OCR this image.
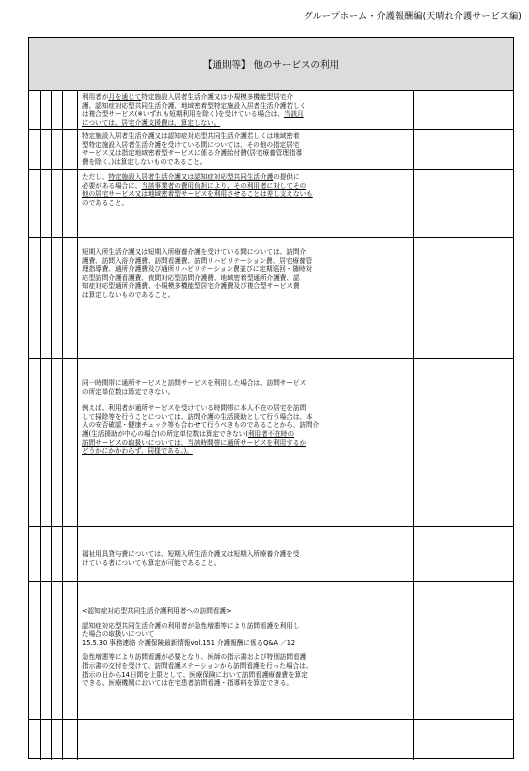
グループホーム・介護報酬編(天晴れ介護サービス編)
【通則等】 他のサービスの利用
利用者が月を通じて特定施設入居者生活介護又は小規模多機能型居宅介
護、認知症対応型共同生活介護、地域密着型特定施設入居者生活介護若しく
は複合型サービス(※いずれも短期利用を除く)を受けている場合は、当該月
については、居宅介護支援費は、算定しない。
特定施設入居者生活介護又は認知症対応型共同生活介護若しくは地域密着
型特定施設入居者生活介護を受けている間については、その他の指定居宅
サービス又は指定地域密着型サービスに係る介護給付費(居宅療養管理指導
費を除く。)は算定しないものであること。
ただし、特定施設入居者生活介護又は認知症対応型共同生活介護の提供に
必要がある場合に、当該事業者の費用負担により、その利用者に対してその
他の居宅サービス又は地域密着型サービスを利用させることは差し支えないも
のであること。
短期入所生活介護又は短期入所療養介護を受けている間については、訪問介
護費、訪問入浴介護費、訪問看護費、訪問リハビリテーション費、居宅療養管
理指導費、通所介護費及び通所リハビリテーション費並びに定期巡回・随時対
応型訪問介護看護費、夜間対応型訪問介護費、地域密着型通所介護費、認
知症対応型通所介護費、小規模多機能型居宅介護費及び複合型サービス費
は算定しないものであること。
同一時間帯に通所サービスと訪問サービスを利用した場合は、訪問サービス
の所定単位数は算定できない。
例えば、利用者が通所サービスを受けている時間帯に本人不在の居宅を訪問
して掃除等を行うことについては、訪問介護の生活援助として行う場合は、本
人の安否確認・健康チェック等も合わせて行うべきものであることから、訪問介
護(生活援助が中心の場合)の所定単位数は算定できない(利用者不在時の
訪問サービスの取扱いについては、当該時間帯に通所サービスを利用するか
どうかにかかわらず、同様である。)。
福祉用具貸与費については、短期入所生活介護又は短期入所療養介護を受
けている者についても算定が可能であること。
<認知症対応型共同生活介護利用者への訪問看護>
認知症対応型共同生活介護の利用者が急性増悪等により訪問看護を利用し
た場合の取扱いについて
15.5.30 事務連絡 介護保険最新情報vol.151 介護報酬に係るQ&A ／12
急性増悪等により訪問看護が必要となり、医師の指示書および特別訪問看護
指示書の交付を受けて、訪問看護ステーションから訪問看護を行った場合は、
指示の日から14日間を上限として、医療保険において訪問看護療養費を算定
できる。医療機関においては在宅患者訪問看護・指導料を算定できる。
